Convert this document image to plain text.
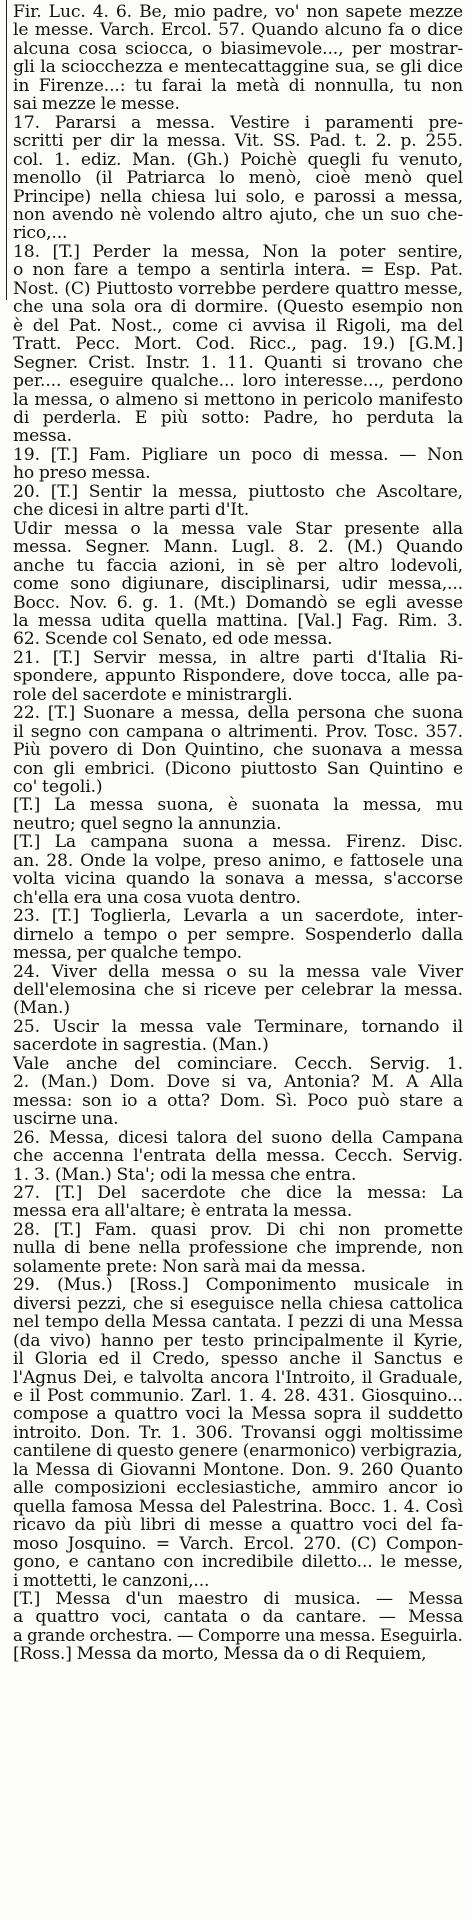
Fir. Luc. 4. 6. Be, mio padre, vo' non sapete mezze
le messe. Varch. Ercol. 57. Quando alcuno fa o dice
alcuna cosa sciocca, o biasimevole..., per mostrar-
gli la sciocchezza e mentecattaggine sua, se gli dice
in Firenze...: tu farai la metà di nonnulla, tu non
sai mezze le messe.
17. Pararsi a messa. Vestire i paramenti pre-
scritti per dir la messa. Vit. SS. Pad. t. 2. p. 255.
col. 1. ediz. Man. (Gh.) Poichè quegli fu venuto,
menollo (il Patriarca lo menò, cioè menò quel
Principe) nella chiesa lui solo, e parossi a messa,
non avendo nè volendo altro ajuto, che un suo che-
rico,...
18. [T.] Perder la messa, Non la poter sentire,
o non fare a tempo a sentirla intera. = Esp. Pat.
Nost. (C) Piuttosto vorrebbe perdere quattro messe,
che una sola ora di dormire. (Questo esempio non
è del Pat. Nost., come ci avvisa il Rigoli, ma del
Tratt. Pecc. Mort. Cod. Ricc., pag. 19.) [G.M.]
Segner. Crist. Instr. 1. 11. Quanti si trovano che
per.... eseguire qualche... loro interesse..., perdono
la messa, o almeno si mettono in pericolo manifesto
di perderla. E più sotto: Padre, ho perduta la
messa.
19. [T.] Fam. Pigliare un poco di messa. — Non
ho preso messa.
20. [T.] Sentir la messa, piuttosto che Ascoltare,
che dicesi in altre parti d'It.
Udir messa o la messa vale Star presente alla
messa. Segner. Mann. Lugl. 8. 2. (M.) Quando
anche tu faccia azioni, in sè per altro lodevoli,
come sono digiunare, disciplinarsi, udir messa,...
Bocc. Nov. 6. g. 1. (Mt.) Domandò se egli avesse
la messa udita quella mattina. [Val.] Fag. Rim. 3.
62. Scende col Senato, ed ode messa.
21. [T.] Servir messa, in altre parti d'Italia Ri-
spondere, appunto Rispondere, dove tocca, alle pa-
role del sacerdote e ministrargli.
22. [T.] Suonare a messa, della persona che suona
il segno con campana o altrimenti. Prov. Tosc. 357.
Più povero di Don Quintino, che suonava a messa
con gli embrici. (Dicono piuttosto San Quintino e
co' tegoli.)
[T.] La messa suona, è suonata la messa, mu
neutro; quel segno la annunzia.
[T.] La campana suona a messa. Firenz. Disc.
an. 28. Onde la volpe, preso animo, e fattosele una
volta vicina quando la sonava a messa, s'accorse
ch'ella era una cosa vuota dentro.
23. [T.] Toglierla, Levarla a un sacerdote, inter-
dirnelo a tempo o per sempre. Sospenderlo dalla
messa, per qualche tempo.
24. Viver della messa o su la messa vale Viver
dell'elemosina che si riceve per celebrar la messa.
(Man.)
25. Uscir la messa vale Terminare, tornando il
sacerdote in sagrestia. (Man.)
Vale anche del cominciare. Cecch. Servig. 1.
2. (Man.) Dom. Dove si va, Antonia? M. A Alla
messa: son io a otta? Dom. Sì. Poco può stare a
uscirne una.
26. Messa, dicesi talora del suono della Campana
che accenna l'entrata della messa. Cecch. Servig.
1. 3. (Man.) Sta'; odi la messa che entra.
27. [T.] Del sacerdote che dice la messa: La
messa era all'altare; è entrata la messa.
28. [T.] Fam. quasi prov. Di chi non promette
nulla di bene nella professione che imprende, non
solamente prete: Non sarà mai da messa.
29. (Mus.) [Ross.] Componimento musicale in
diversi pezzi, che si eseguisce nella chiesa cattolica
nel tempo della Messa cantata. I pezzi di una Messa
(da vivo) hanno per testo principalmente il Kyrie,
il Gloria ed il Credo, spesso anche il Sanctus e
l'Agnus Dei, e talvolta ancora l'Introito, il Graduale,
e il Post communio. Zarl. 1. 4. 28. 431. Giosquino...
compose a quattro voci la Messa sopra il suddetto
introito. Don. Tr. 1. 306. Trovansi oggi moltissime
cantilene di questo genere (enarmonico) verbigrazia,
la Messa di Giovanni Montone. Don. 9. 260 Quanto
alle composizioni ecclesiastiche, ammiro ancor io
quella famosa Messa del Palestrina. Bocc. 1. 4. Così
ricavo da più libri di messe a quattro voci del fa-
moso Josquino. = Varch. Ercol. 270. (C) Compon-
gono, e cantano con incredibile diletto... le messe,
i mottetti, le canzoni,...
[T.] Messa d'un maestro di musica. — Messa
a quattro voci, cantata o da cantare. — Messa
a grande orchestra. — Comporre una messa. Eseguirla.
[Ross.] Messa da morto, Messa da o di Requiem,
